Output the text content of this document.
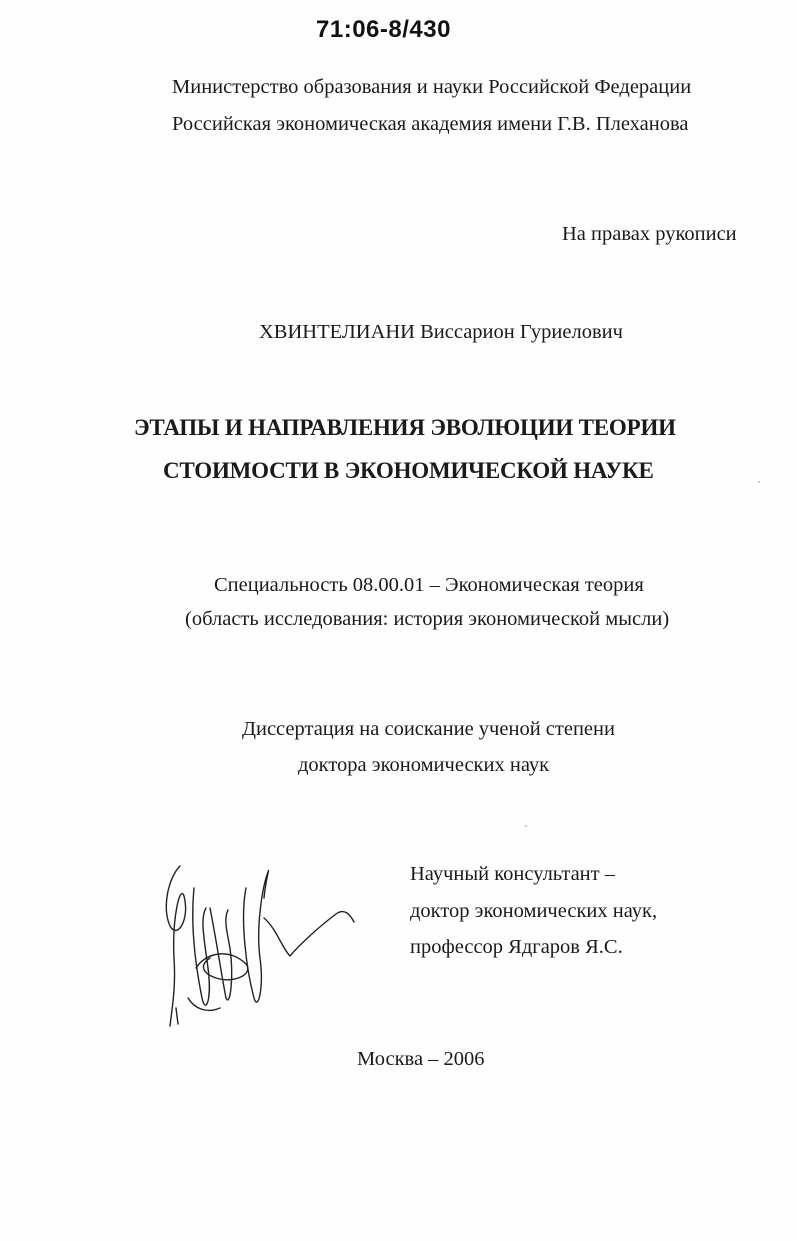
71:06-8/430
Министерство образования и науки Российской Федерации
Российская экономическая академия имени Г.В. Плеханова
На правах рукописи
ХВИНТЕЛИАНИ Виссарион Гуриелович
ЭТАПЫ И НАПРАВЛЕНИЯ ЭВОЛЮЦИИ ТЕОРИИ
СТОИМОСТИ В ЭКОНОМИЧЕСКОЙ НАУКЕ
Специальность 08.00.01 – Экономическая теория
(область исследования: история экономической мысли)
Диссертация на соискание ученой степени
доктора экономических наук
Научный консультант –
доктор экономических наук,
профессор Ядгаров Я.С.
Москва – 2006
